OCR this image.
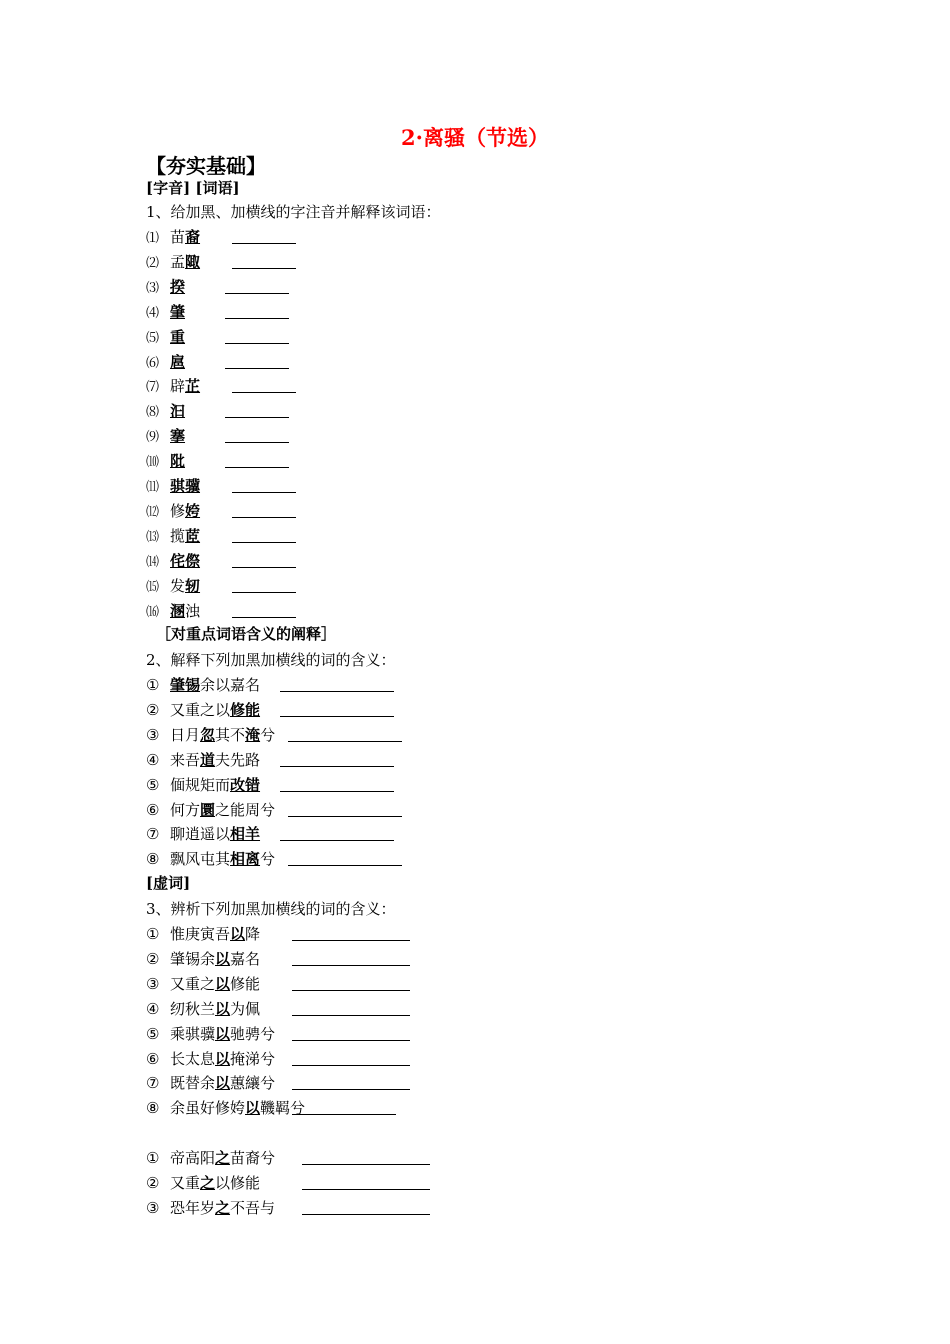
2·离骚（节选）
【夯实基础】
[字音] [词语]
1、给加黑、加横线的字注音并解释该词语：
⑴ 苗裔
⑵ 孟陬
⑶ 揆
⑷ 肇
⑸ 重
⑹ 扈
⑺ 辟芷
⑻ 汩
⑼ 搴
⑽ 阰
⑾ 骐骥
⑿ 修姱
⒀ 揽茝
⒁ 侘傺
⒂ 发轫
⒃ 溷浊
［对重点词语含义的阐释］
2、解释下列加黑加横线的词的含义：
① 肇锡余以嘉名
② 又重之以修能
③ 日月忽其不淹兮
④ 来吾道夫先路
⑤ 偭规矩而改错
⑥ 何方圜之能周兮
⑦ 聊逍遥以相羊
⑧ 飘风屯其相离兮
[虚词]
3、辨析下列加黑加横线的词的含义：
① 惟庚寅吾以降
② 肇锡余以嘉名
③ 又重之以修能
④ 纫秋兰以为佩
⑤ 乘骐骥以驰骋兮
⑥ 长太息以掩涕兮
⑦ 既替余以蕙纕兮
⑧ 余虽好修姱以鞿羁兮
① 帝高阳之苗裔兮
② 又重之以修能
③ 恐年岁之不吾与
